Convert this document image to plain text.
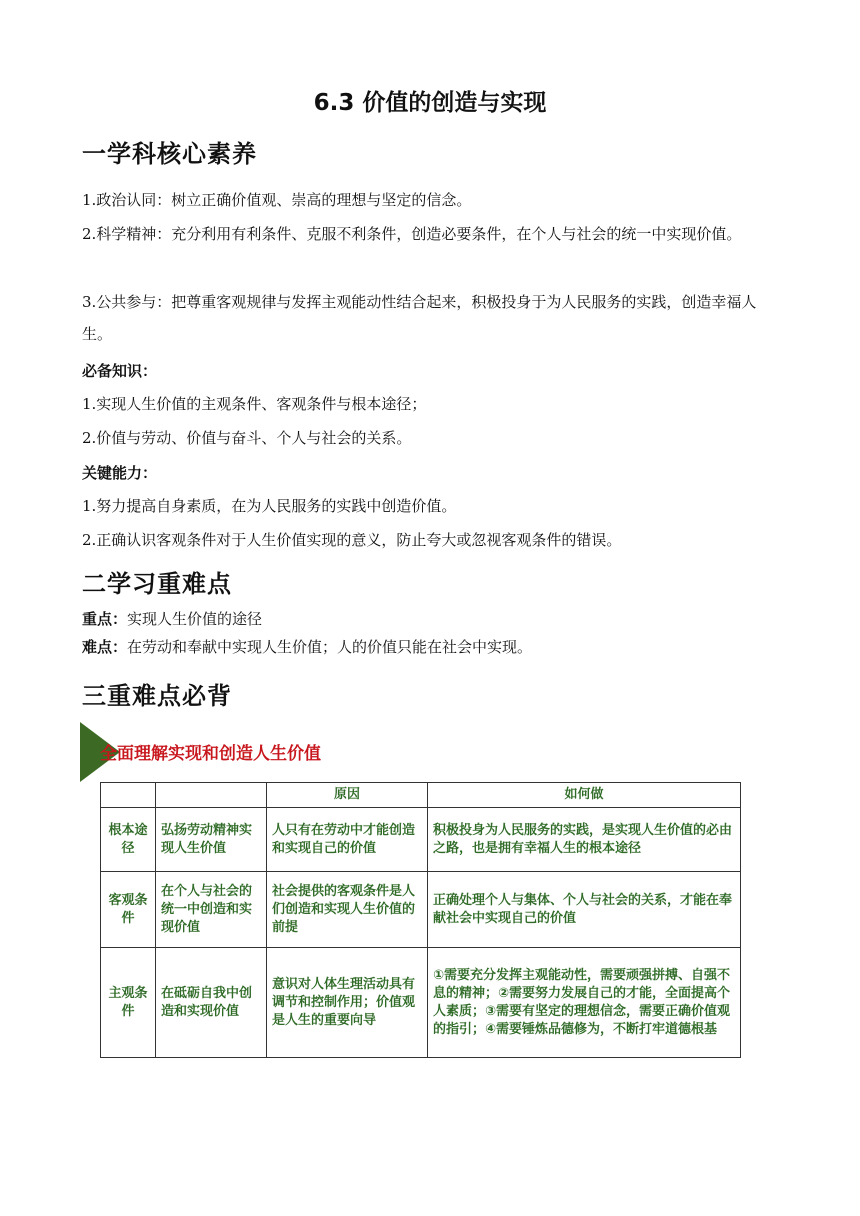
6.3 价值的创造与实现
一学科核心素养
1.政治认同：树立正确价值观、崇高的理想与坚定的信念。
2.科学精神：充分利用有利条件、克服不利条件，创造必要条件，在个人与社会的统一中实现价值。
3.公共参与：把尊重客观规律与发挥主观能动性结合起来，积极投身于为人民服务的实践，创造幸福人生。
必备知识：
1.实现人生价值的主观条件、客观条件与根本途径；
2.价值与劳动、价值与奋斗、个人与社会的关系。
关键能力：
1.努力提高自身素质，在为人民服务的实践中创造价值。
2.正确认识客观条件对于人生价值实现的意义，防止夸大或忽视客观条件的错误。
二学习重难点
重点：实现人生价值的途径
难点：在劳动和奉献中实现人生价值；人的价值只能在社会中实现。
三重难点必背
全面理解实现和创造人生价值
		原因	如何做
根本途径	弘扬劳动精神实现人生价值	人只有在劳动中才能创造和实现自己的价值	积极投身为人民服务的实践，是实现人生价值的必由之路，也是拥有幸福人生的根本途径
客观条件	在个人与社会的统一中创造和实现价值	社会提供的客观条件是人们创造和实现人生价值的前提	正确处理个人与集体、个人与社会的关系，才能在奉献社会中实现自己的价值
主观条件	在砥砺自我中创造和实现价值	意识对人体生理活动具有调节和控制作用；价值观是人生的重要向导	①需要充分发挥主观能动性，需要顽强拼搏、自强不息的精神；②需要努力发展自己的才能，全面提高个人素质；③需要有坚定的理想信念，需要正确价值观的指引；④需要锤炼品德修为，不断打牢道德根基
